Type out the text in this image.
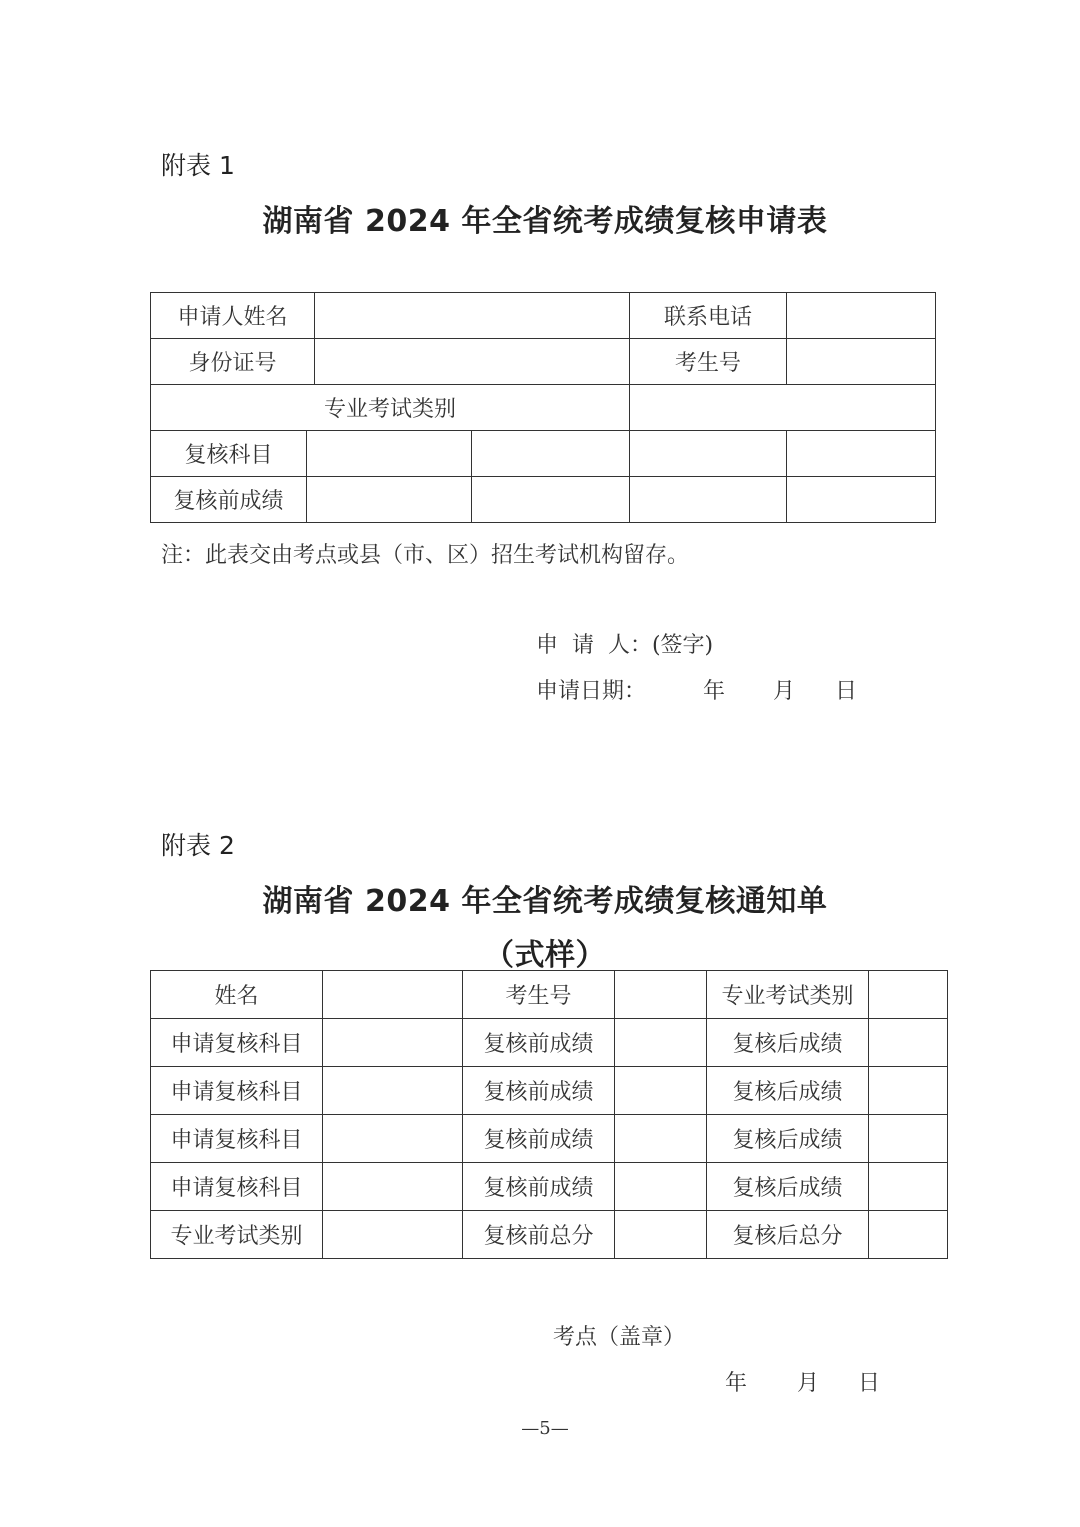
附表 1
湖南省 2024 年全省统考成绩复核申请表
申请人姓名				联系电话	
身份证号				考生号	
专业考试类别					
复核科目					
复核前成绩					
注：此表交由考点或县（市、区）招生考试机构留存。
申  请  人：(签字)
申请日期：	年 月 日
附表 2
湖南省 2024 年全省统考成绩复核通知单
（式样）
姓名		考生号		专业考试类别	
申请复核科目		复核前成绩		复核后成绩	
申请复核科目		复核前成绩		复核后成绩	
申请复核科目		复核前成绩		复核后成绩	
申请复核科目		复核前成绩		复核后成绩	
专业考试类别		复核前总分		复核后总分	
考点（盖章）
年 月 日
—5—
